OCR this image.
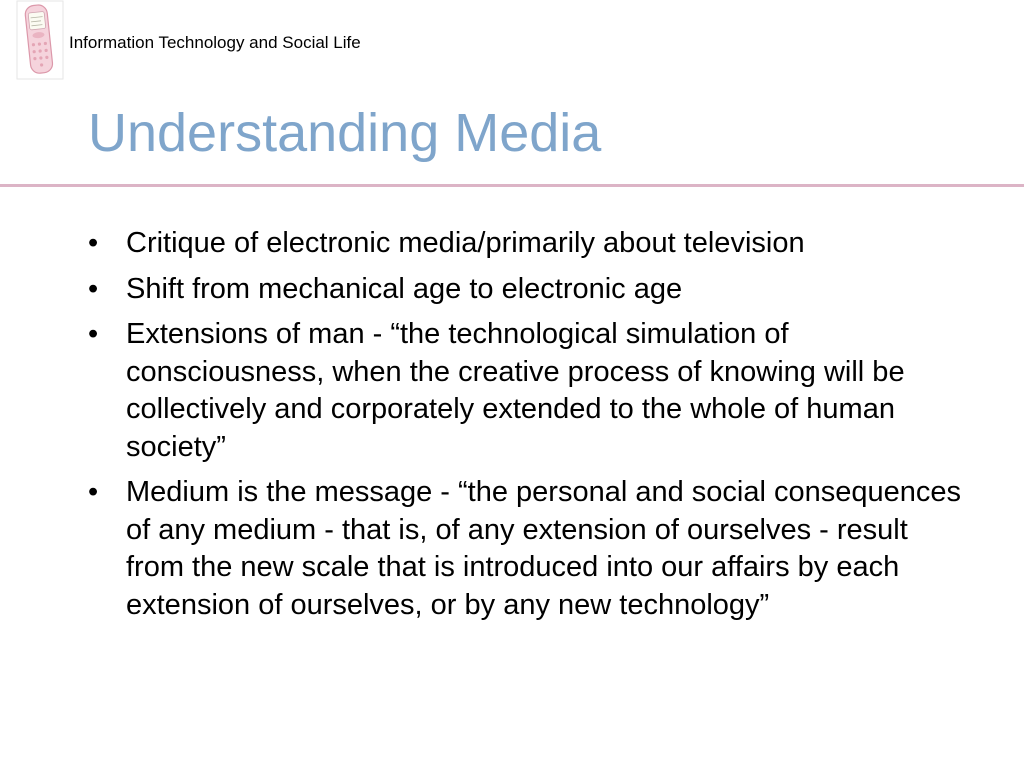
Information Technology and Social Life
Understanding Media
• Critique of electronic media/primarily about television
• Shift from mechanical age to electronic age
• Extensions of man - “the technological simulation of consciousness, when the creative process of knowing will be collectively and corporately extended to the whole of human society”
• Medium is the message - “the personal and social consequences of any medium - that is, of any extension of ourselves - result from the new scale that is introduced into our affairs by each extension of ourselves, or by any new technology”
